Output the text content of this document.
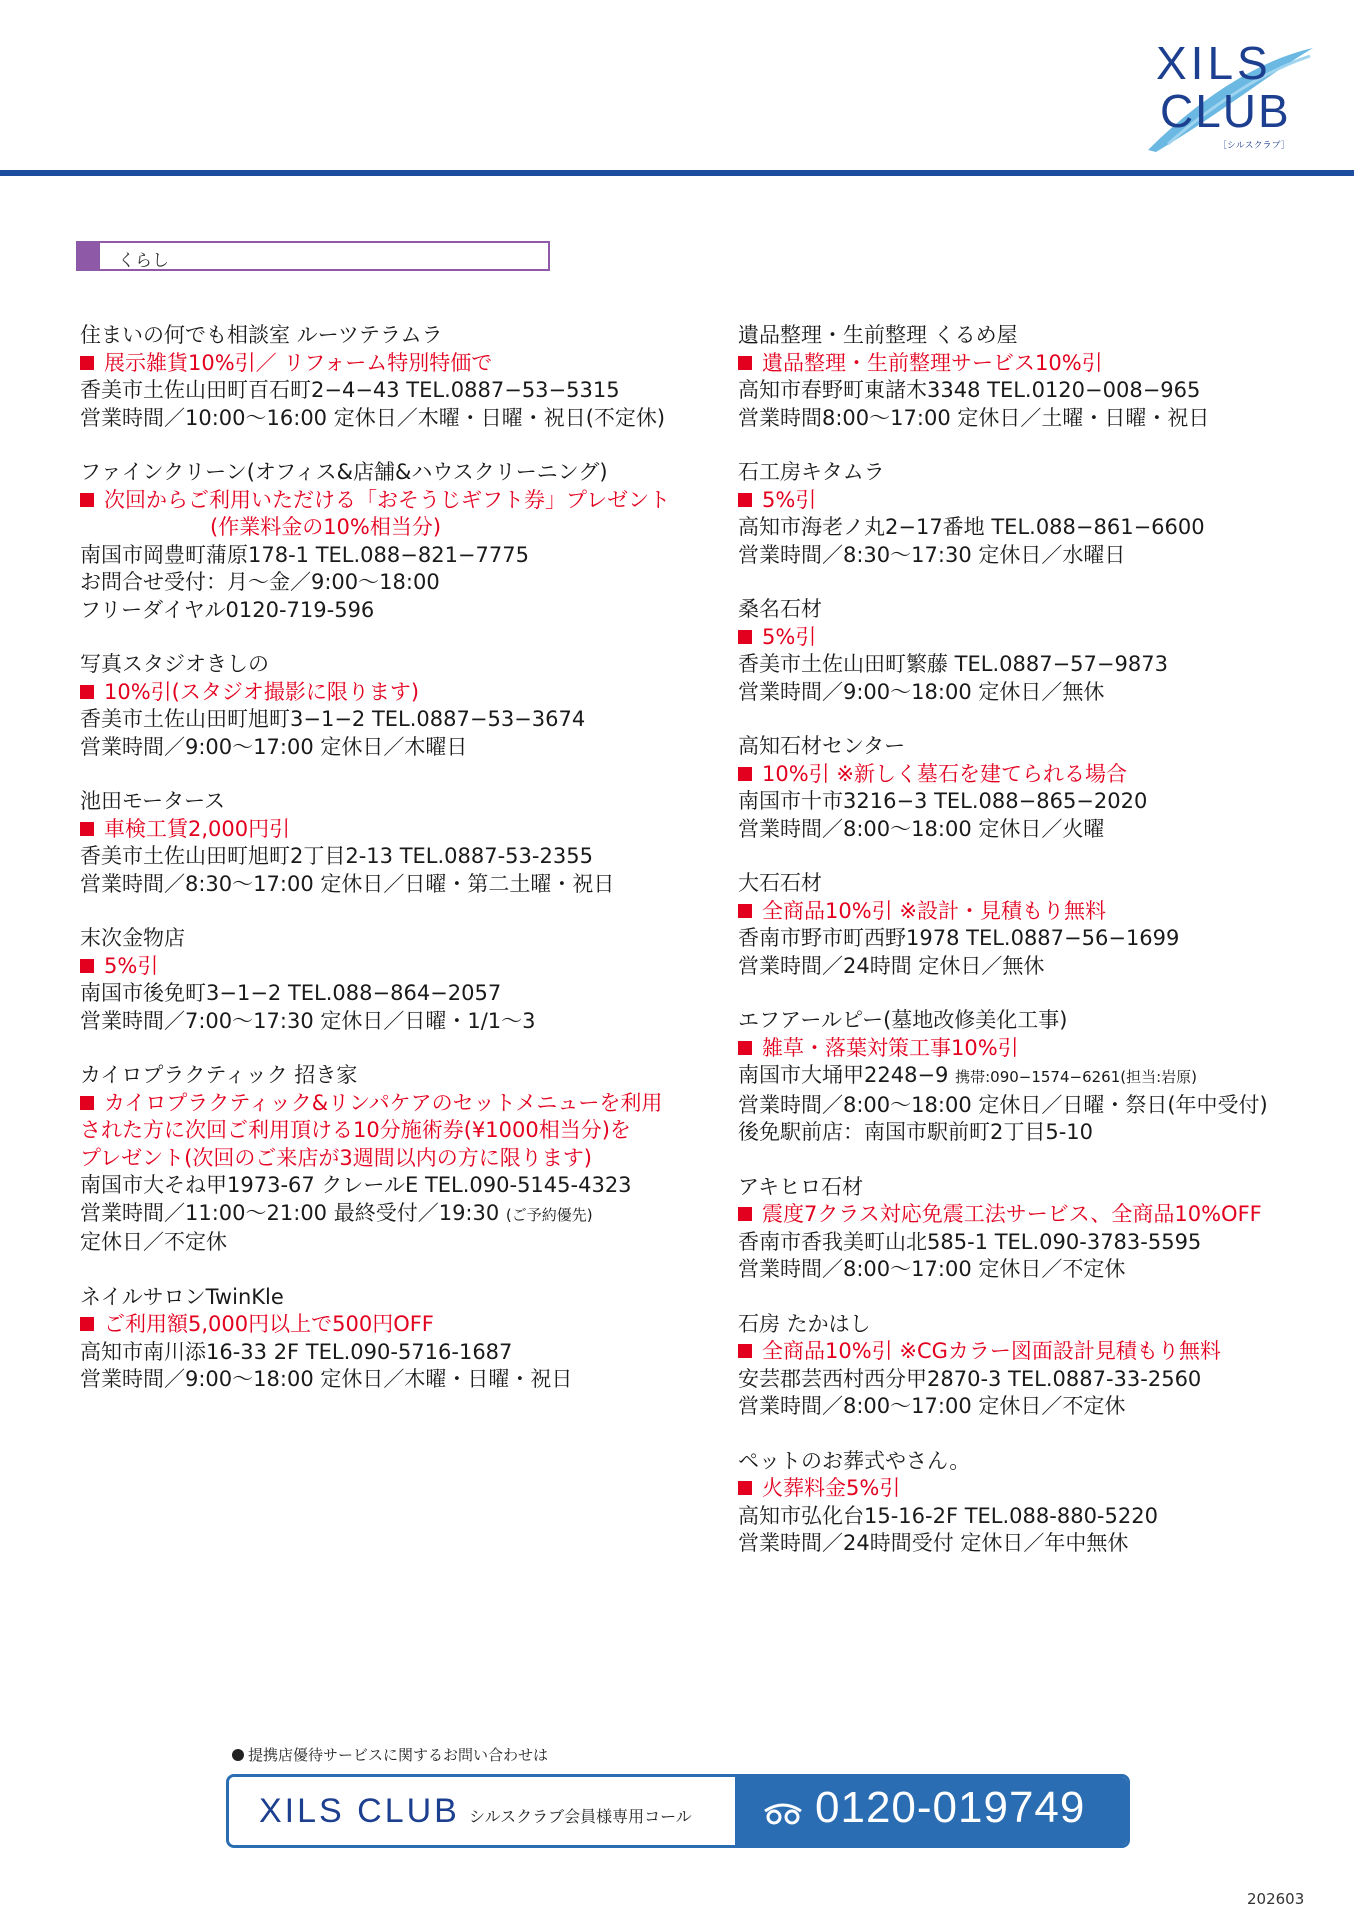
XILS
CLUB
［シルスクラブ］
くらし
住まいの何でも相談室 ルーツテラムラ
展示雑貨10%引／ リフォーム特別特価で
香美市土佐山田町百石町2−4−43 TEL.0887−53−5315
営業時間／10:00〜16:00 定休日／木曜・日曜・祝日(不定休)
ファインクリーン(オフィス&店舗&ハウスクリーニング)
次回からご利用いただける「おそうじギフト券」プレゼント
(作業料金の10%相当分)
南国市岡豊町蒲原178-1 TEL.088−821−7775
お問合せ受付：月〜金／9:00〜18:00
フリーダイヤル0120-719-596
写真スタジオきしの
10%引(スタジオ撮影に限ります)
香美市土佐山田町旭町3−1−2 TEL.0887−53−3674
営業時間／9:00〜17:00 定休日／木曜日
池田モータース
車検工賃2,000円引
香美市土佐山田町旭町2丁目2-13 TEL.0887-53-2355
営業時間／8:30〜17:00 定休日／日曜・第二土曜・祝日
末次金物店
5%引
南国市後免町3−1−2 TEL.088−864−2057
営業時間／7:00〜17:30 定休日／日曜・1/1〜3
カイロプラクティック 招き家
カイロプラクティック&リンパケアのセットメニューを利用
された方に次回ご利用頂ける10分施術券(¥1000相当分)を
プレゼント(次回のご来店が3週間以内の方に限ります)
南国市大そね甲1973-67 クレールE TEL.090-5145-4323
営業時間／11:00〜21:00 最終受付／19:30 (ご予約優先)
定休日／不定休
ネイルサロンTwinKle
ご利用額5,000円以上で500円OFF
高知市南川添16-33 2F TEL.090-5716-1687
営業時間／9:00〜18:00 定休日／木曜・日曜・祝日
遺品整理・生前整理 くるめ屋
遺品整理・生前整理サービス10%引
高知市春野町東諸木3348 TEL.0120−008−965
営業時間8:00〜17:00 定休日／土曜・日曜・祝日
石工房キタムラ
5%引
高知市海老ノ丸2−17番地 TEL.088−861−6600
営業時間／8:30〜17:30 定休日／水曜日
桑名石材
5%引
香美市土佐山田町繁藤 TEL.0887−57−9873
営業時間／9:00〜18:00 定休日／無休
高知石材センター
10%引 ※新しく墓石を建てられる場合
南国市十市3216−3 TEL.088−865−2020
営業時間／8:00〜18:00 定休日／火曜
大石石材
全商品10%引 ※設計・見積もり無料
香南市野市町西野1978 TEL.0887−56−1699
営業時間／24時間 定休日／無休
エフアールピー(墓地改修美化工事)
雑草・落葉対策工事10%引
南国市大埇甲2248−9 携帯:090−1574−6261(担当:岩原)
営業時間／8:00〜18:00 定休日／日曜・祭日(年中受付)
後免駅前店：南国市駅前町2丁目5-10
アキヒロ石材
震度7クラス対応免震工法サービス、全商品10%OFF
香南市香我美町山北585-1 TEL.090-3783-5595
営業時間／8:00〜17:00 定休日／不定休
石房 たかはし
全商品10%引 ※CGカラー図面設計見積もり無料
安芸郡芸西村西分甲2870-3 TEL.0887-33-2560
営業時間／8:00〜17:00 定休日／不定休
ペットのお葬式やさん。
火葬料金5%引
高知市弘化台15-16-2F TEL.088-880-5220
営業時間／24時間受付 定休日／年中無休
提携店優待サービスに関するお問い合わせは
XILS CLUB シルスクラブ会員様専用コール	0120-019749
202603
